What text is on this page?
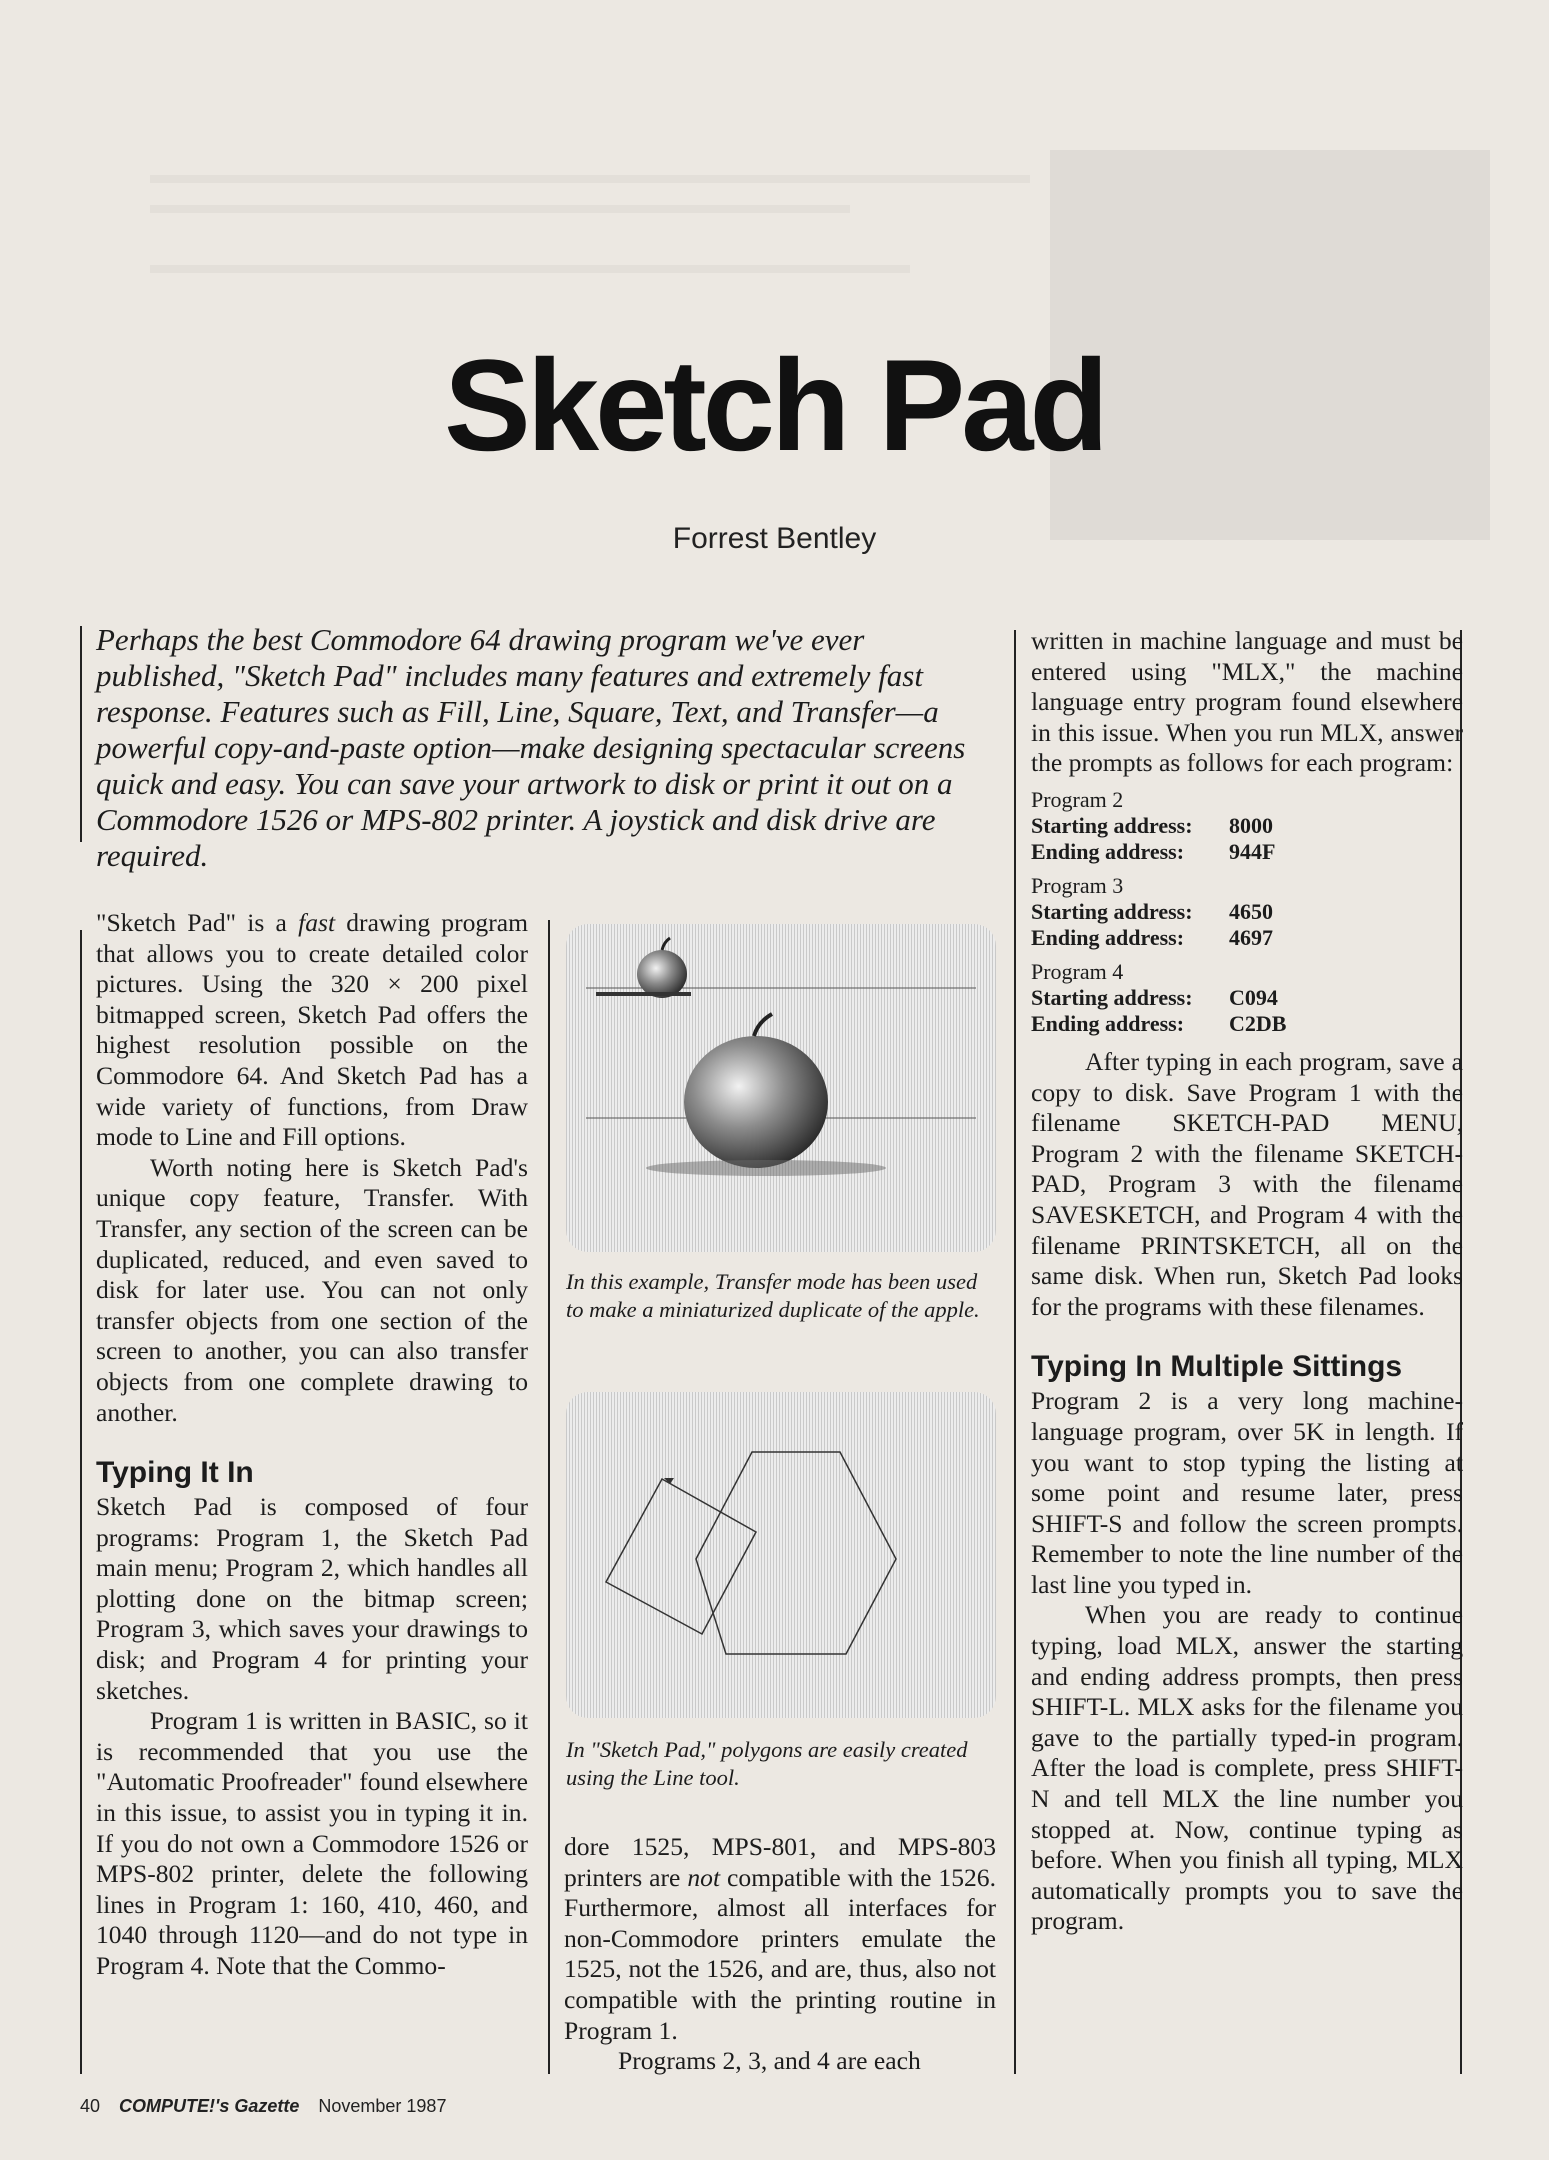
Sketch Pad
Forrest Bentley
Perhaps the best Commodore 64 drawing program we've ever published, "Sketch Pad" includes many features and extremely fast response. Features such as Fill, Line, Square, Text, and Transfer—a powerful copy-and-paste option—make designing spectacular screens quick and easy. You can save your artwork to disk or print it out on a Commodore 1526 or MPS-802 printer. A joystick and disk drive are required.

"Sketch Pad" is a fast drawing program that allows you to create detailed color pictures. Using the 320 × 200 pixel bitmapped screen, Sketch Pad offers the highest resolution possible on the Commodore 64. And Sketch Pad has a wide variety of functions, from Draw mode to Line and Fill options.

Worth noting here is Sketch Pad's unique copy feature, Transfer. With Transfer, any section of the screen can be duplicated, reduced, and even saved to disk for later use. You can not only transfer objects from one section of the screen to another, you can also transfer objects from one complete drawing to another.

Typing It In

Sketch Pad is composed of four programs: Program 1, the Sketch Pad main menu; Program 2, which handles all plotting done on the bitmap screen; Program 3, which saves your drawings to disk; and Program 4 for printing your sketches.

Program 1 is written in BASIC, so it is recommended that you use the "Automatic Proofreader" found elsewhere in this issue, to assist you in typing it in. If you do not own a Commodore 1526 or MPS-802 printer, delete the following lines in Program 1: 160, 410, 460, and 1040 through 1120—and do not type in Program 4. Note that the Commo-

In this example, Transfer mode has been used to make a miniaturized duplicate of the apple.
In "Sketch Pad," polygons are easily created using the Line tool.

dore 1525, MPS-801, and MPS-803 printers are not compatible with the 1526. Furthermore, almost all interfaces for non-Commodore printers emulate the 1525, not the 1526, and are, thus, also not compatible with the printing routine in Program 1.

Programs 2, 3, and 4 are each

written in machine language and must be entered using "MLX," the machine language entry program found elsewhere in this issue. When you run MLX, answer the prompts as follows for each program:

Program 2
Starting address:	8000
Ending address:	944F
Program 3
Starting address:	4650
Ending address:	4697
Program 4
Starting address:	C094
Ending address:	C2DB

After typing in each program, save a copy to disk. Save Program 1 with the filename SKETCH-PAD MENU, Program 2 with the filename SKETCH-PAD, Program 3 with the filename SAVESKETCH, and Program 4 with the filename PRINTSKETCH, all on the same disk. When run, Sketch Pad looks for the programs with these filenames.

Typing In Multiple Sittings

Program 2 is a very long machine-language program, over 5K in length. If you want to stop typing the listing at some point and resume later, press SHIFT-S and follow the screen prompts. Remember to note the line number of the last line you typed in.

When you are ready to continue typing, load MLX, answer the starting and ending address prompts, then press SHIFT-L. MLX asks for the filename you gave to the partially typed-in program. After the load is complete, press SHIFT-N and tell MLX the line number you stopped at. Now, continue typing as before. When you finish all typing, MLX automatically prompts you to save the program.

40 COMPUTE!'s Gazette November 1987
